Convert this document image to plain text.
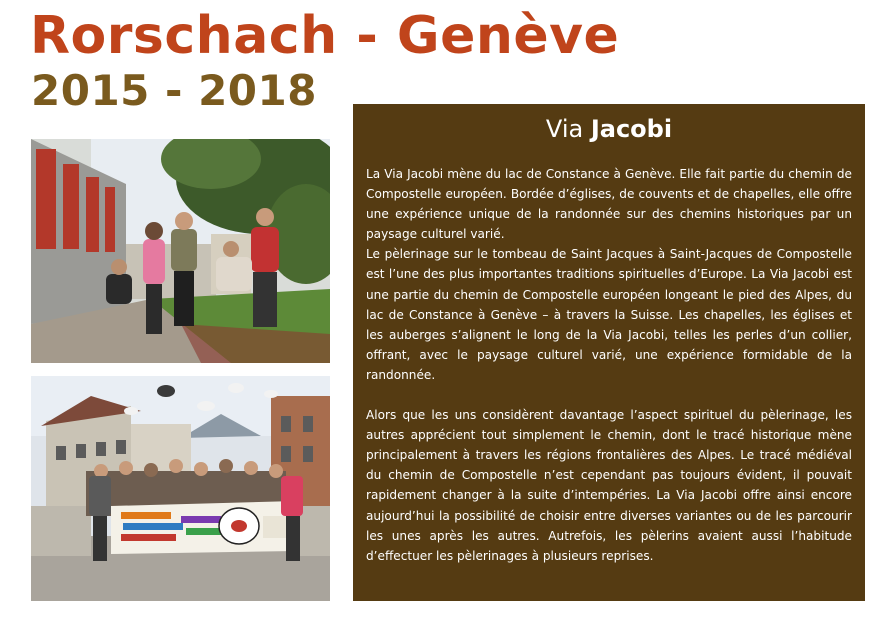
Rorschach - Genève
2015 - 2018
Via Jacobi

La Via Jacobi mène du lac de Constance à Genève. Elle fait partie du chemin de Compostelle européen. Bordée d’églises, de couvents et de chapelles, elle offre une expérience unique de la randonnée sur des chemins historiques par un paysage culturel varié.

Le pèlerinage sur le tombeau de Saint Jacques à Saint-Jacques de Compostelle est l’une des plus importantes traditions spirituelles d’Europe. La Via Jacobi est une partie du chemin de Compostelle européen longeant le pied des Alpes, du lac de Constance à Genève – à travers la Suisse. Les chapelles, les églises et les auberges s’alignent le long de la Via Jacobi, telles les perles d’un collier, offrant, avec le paysage culturel varié, une expérience formidable de la randonnée.

Alors que les uns considèrent davantage l’aspect spirituel du pèlerinage, les autres apprécient tout simplement le chemin, dont le tracé historique mène principalement à travers les régions frontalières des Alpes. Le tracé médiéval du chemin de Compostelle n’est cependant pas toujours évident, il pouvait rapidement changer à la suite d’intempéries. La Via Jacobi offre ainsi encore aujourd’hui la possibilité de choisir entre diverses variantes ou de les parcourir les unes après les autres. Autrefois, les pèlerins avaient aussi l’habitude d’effectuer les pèlerinages à plusieurs reprises.
